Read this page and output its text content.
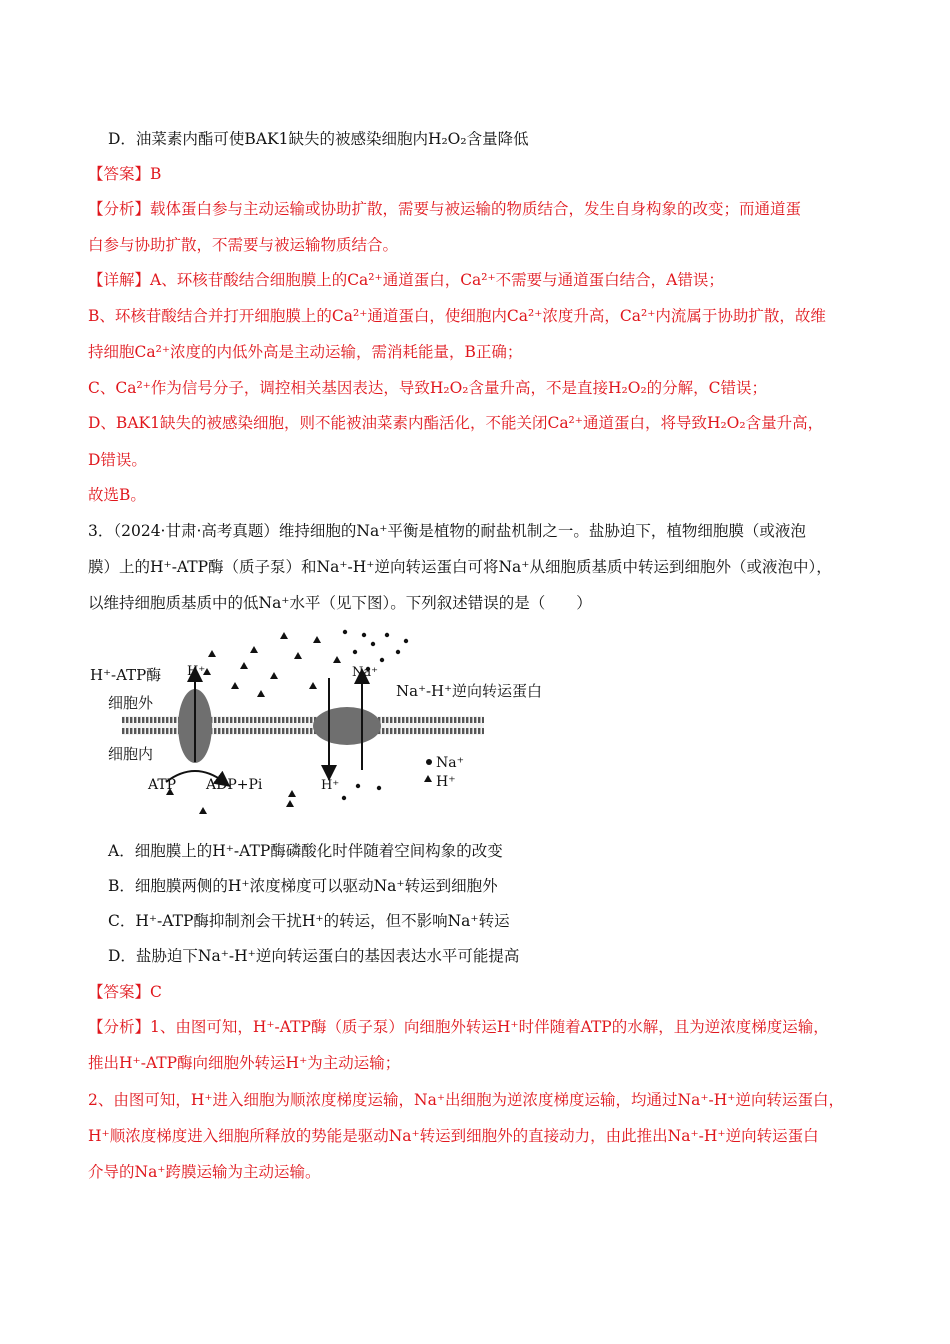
D．油菜素内酯可使BAK1缺失的被感染细胞内H₂O₂含量降低
【答案】B
【分析】载体蛋白参与主动运输或协助扩散，需要与被运输的物质结合，发生自身构象的改变；而通道蛋
白参与协助扩散，不需要与被运输物质结合。
【详解】A、环核苷酸结合细胞膜上的Ca²⁺通道蛋白，Ca²⁺不需要与通道蛋白结合，A错误；
B、环核苷酸结合并打开细胞膜上的Ca²⁺通道蛋白，使细胞内Ca²⁺浓度升高，Ca²⁺内流属于协助扩散，故维
持细胞Ca²⁺浓度的内低外高是主动运输，需消耗能量，B正确；
C、Ca²⁺作为信号分子，调控相关基因表达，导致H₂O₂含量升高，不是直接H₂O₂的分解，C错误；
D、BAK1缺失的被感染细胞，则不能被油菜素内酯活化，不能关闭Ca²⁺通道蛋白，将导致H₂O₂含量升高，
D错误。
故选B。
3．（2024·甘肃·高考真题）维持细胞的Na⁺平衡是植物的耐盐机制之一。盐胁迫下，植物细胞膜（或液泡
膜）上的H⁺-ATP酶（质子泵）和Na⁺-H⁺逆向转运蛋白可将Na⁺从细胞质基质中转运到细胞外（或液泡中），
以维持细胞质基质中的低Na⁺水平（见下图）。下列叙述错误的是（　　）
H⁺-ATP酶 H⁺	Na⁺
Na⁺-H⁺逆向转运蛋白
细胞外
细胞内
ATP ADP+Pi	H⁺
Na⁺
H⁺
A．细胞膜上的H⁺-ATP酶磷酸化时伴随着空间构象的改变
B．细胞膜两侧的H⁺浓度梯度可以驱动Na⁺转运到细胞外
C．H⁺-ATP酶抑制剂会干扰H⁺的转运，但不影响Na⁺转运
D．盐胁迫下Na⁺-H⁺逆向转运蛋白的基因表达水平可能提高
【答案】C
【分析】1、由图可知，H⁺-ATP酶（质子泵）向细胞外转运H⁺时伴随着ATP的水解，且为逆浓度梯度运输，
推出H⁺-ATP酶向细胞外转运H⁺为主动运输；
2、由图可知，H⁺进入细胞为顺浓度梯度运输，Na⁺出细胞为逆浓度梯度运输，均通过Na⁺-H⁺逆向转运蛋白，
H⁺顺浓度梯度进入细胞所释放的势能是驱动Na⁺转运到细胞外的直接动力，由此推出Na⁺-H⁺逆向转运蛋白
介导的Na⁺跨膜运输为主动运输。
